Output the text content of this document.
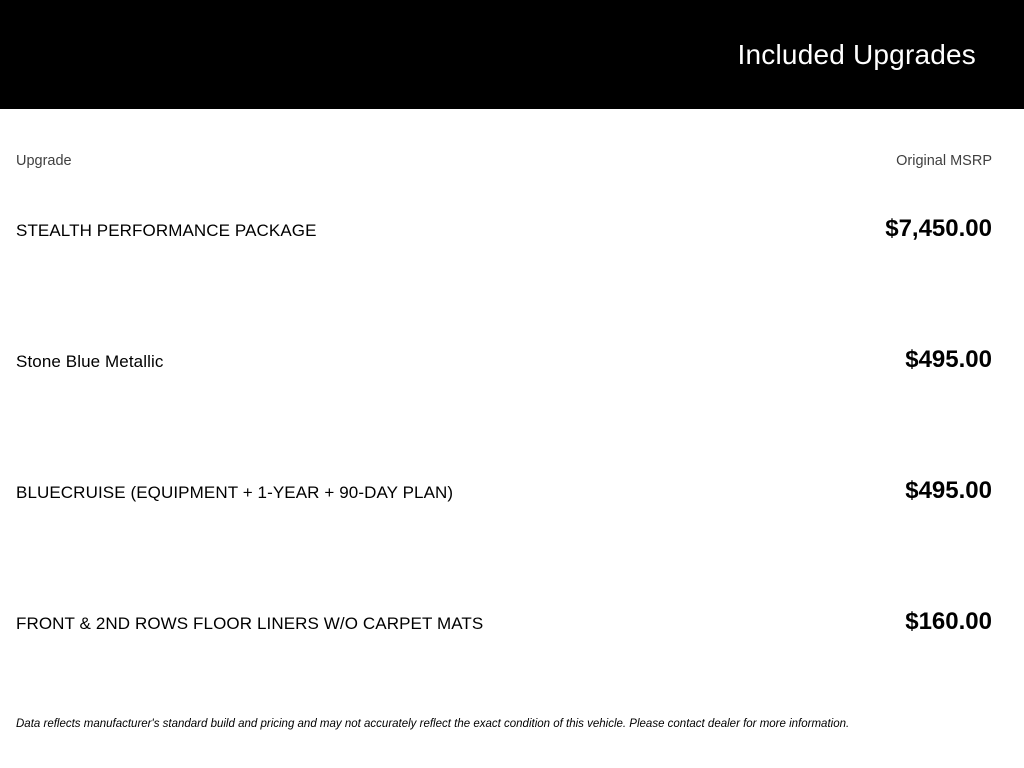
Included Upgrades
Upgrade	Original MSRP
STEALTH PERFORMANCE PACKAGE	$7,450.00
Stone Blue Metallic	$495.00
BLUECRUISE (EQUIPMENT + 1-YEAR + 90-DAY PLAN)	$495.00
FRONT & 2ND ROWS FLOOR LINERS W/O CARPET MATS	$160.00
Data reflects manufacturer's standard build and pricing and may not accurately reflect the exact condition of this vehicle. Please contact dealer for more information.
